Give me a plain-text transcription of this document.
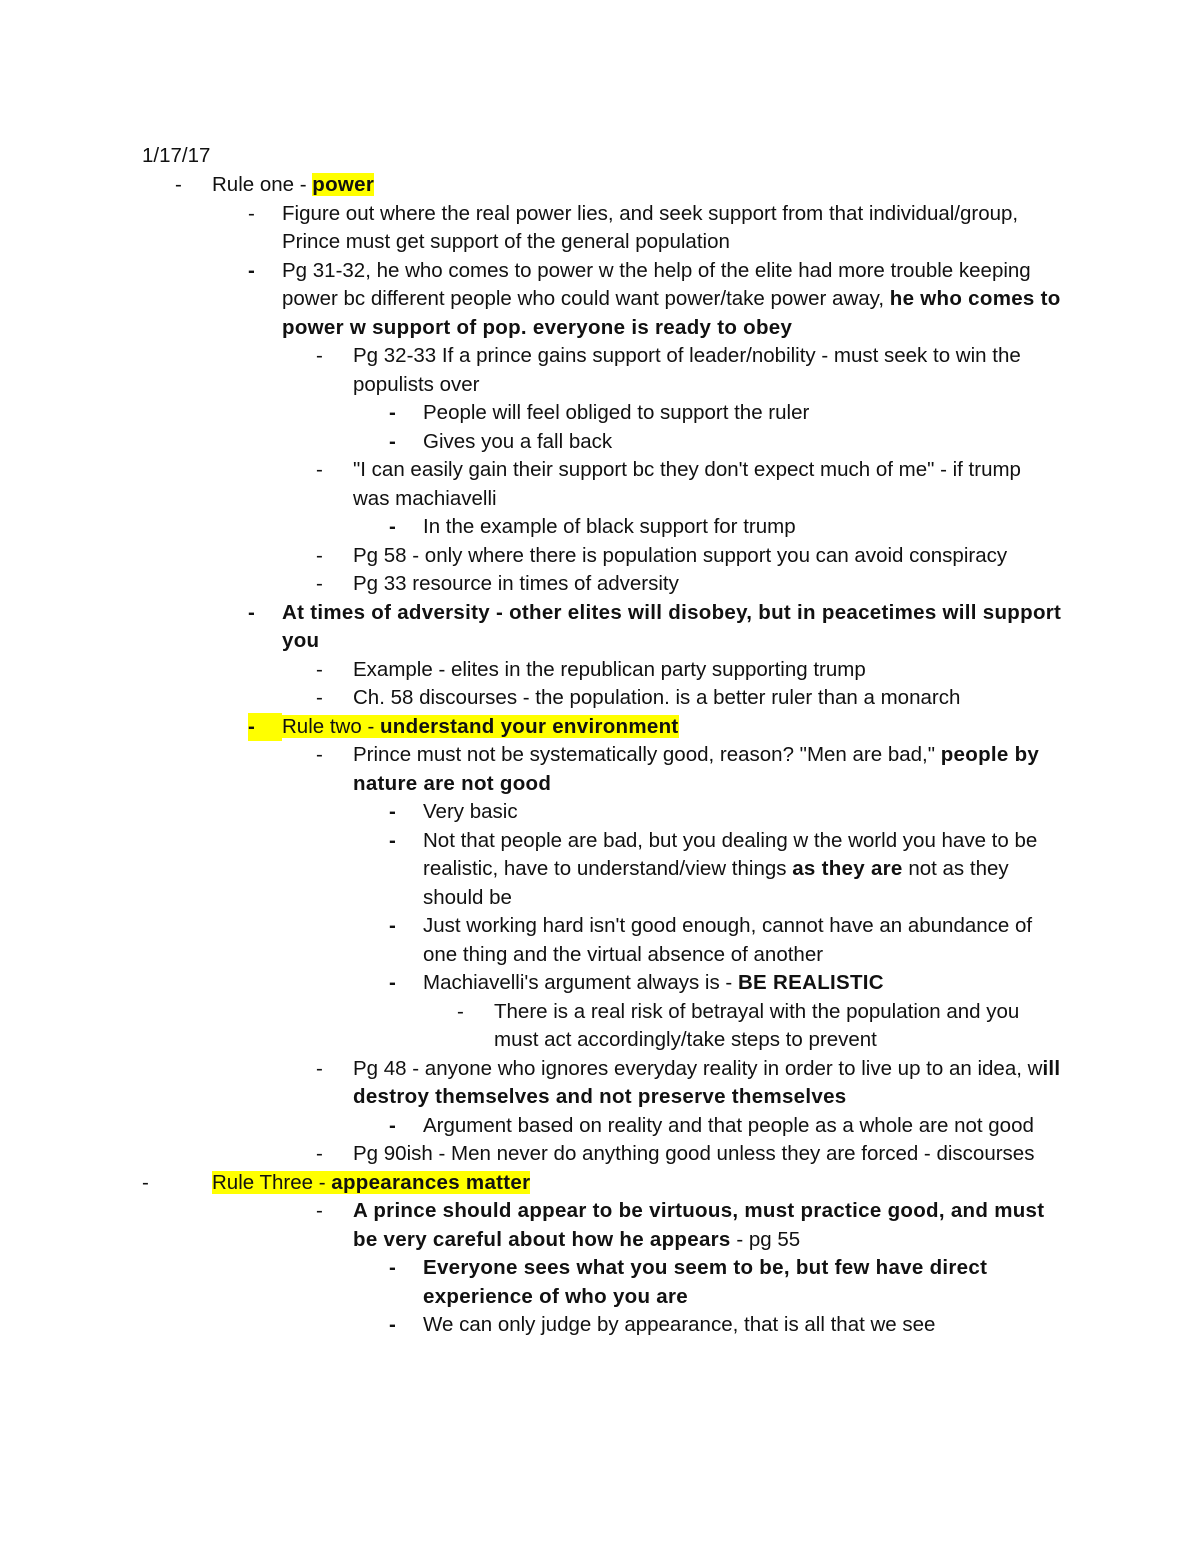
1/17/17
- Rule one - power
- Figure out where the real power lies, and seek support from that individual/group, Prince must get support of the general population
- Pg 31-32, he who comes to power w the help of the elite had more trouble keeping power bc different people who could want power/take power away, he who comes to power w support of pop. everyone is ready to obey
- Pg 32-33 If a prince gains support of leader/nobility - must seek to win the populists over
- People will feel obliged to support the ruler
- Gives you a fall back
- "I can easily gain their support bc they don't expect much of me" - if trump was machiavelli
- In the example of black support for trump
- Pg 58 - only where there is population support you can avoid conspiracy
- Pg 33 resource in times of adversity
- At times of adversity - other elites will disobey, but in peacetimes will support you
- Example - elites in the republican party supporting trump
- Ch. 58 discourses - the population. is a better ruler than a monarch
-	Rule two - understand your environment
- Prince must not be systematically good, reason? "Men are bad," people by nature are not good
- Very basic
- Not that people are bad, but you dealing w the world you have to be realistic, have to understand/view things as they are not as they should be
- Just working hard isn't good enough, cannot have an abundance of one thing and the virtual absence of another
- Machiavelli's argument always is - BE REALISTIC
- There is a real risk of betrayal with the population and you must act accordingly/take steps to prevent
- Pg 48 - anyone who ignores everyday reality in order to live up to an idea, will destroy themselves and not preserve themselves
- Argument based on reality and that people as a whole are not good
- Pg 90ish - Men never do anything good unless they are forced - discourses
-	Rule Three - appearances matter
- A prince should appear to be virtuous, must practice good, and must be very careful about how he appears - pg 55
- Everyone sees what you seem to be, but few have direct experience of who you are
- We can only judge by appearance, that is all that we see
